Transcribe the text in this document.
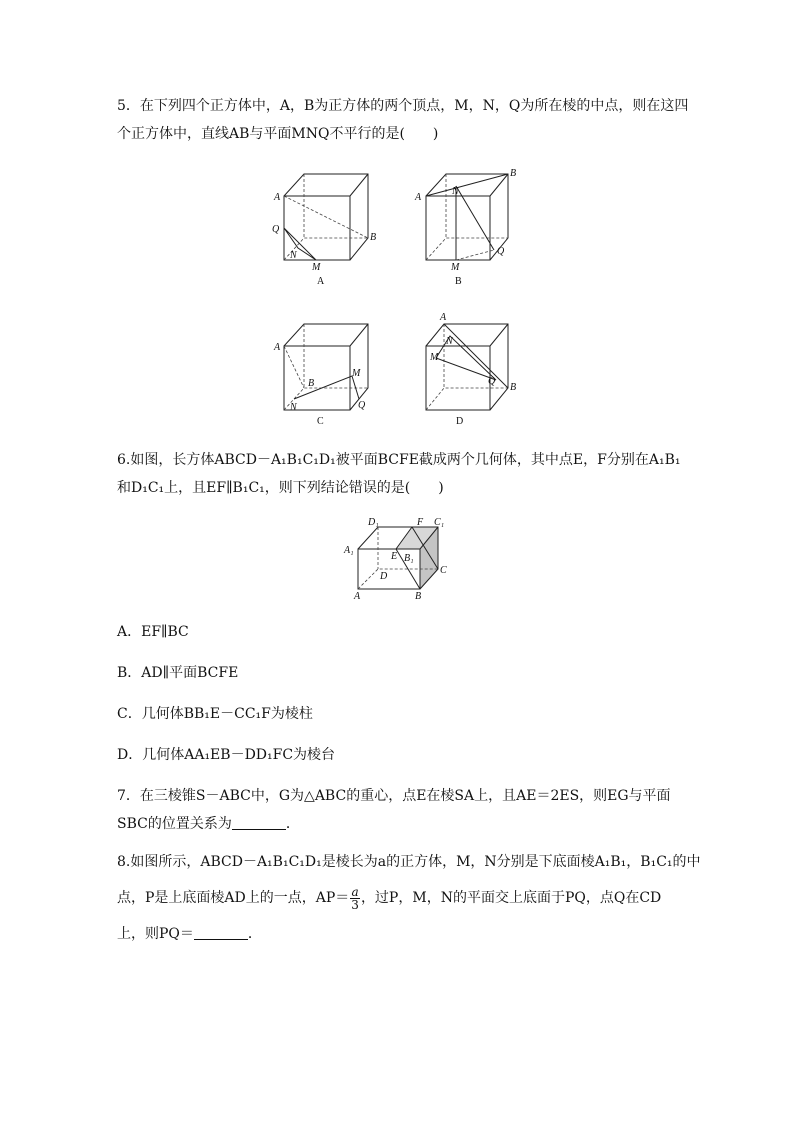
5．在下列四个正方体中，A，B为正方体的两个顶点，M，N，Q为所在棱的中点，则在这四
个正方体中，直线AB与平面MNQ不平行的是(　　)
A
Q
N
M
B
A
B
N
A
Q
M
B
A
B
M
N	Q
C
A
N
M
Q
B
D
6.如图，长方体ABCD－A₁B₁C₁D₁被平面BCFE截成两个几何体，其中点E，F分别在A₁B₁
和D₁C₁上，且EF∥B₁C₁，则下列结论错误的是(　　)
D₁	F C₁
A₁
E B₁
D
C
A	B
A．EF∥BC
B．AD∥平面BCFE
C．几何体BB₁E－CC₁F为棱柱
D．几何体AA₁EB－DD₁FC为棱台
7．在三棱锥S－ABC中，G为△ABC的重心，点E在棱SA上，且AE＝2ES，则EG与平面
SBC的位置关系为	．
8.如图所示，ABCD－A₁B₁C₁D₁是棱长为a的正方体，M，N分别是下底面棱A₁B₁，B₁C₁的中
点，P是上底面棱AD上的一点，$AP= \frac{a}{3}$ ，过P，M，N的平面交上底面于PQ，点Q在CD
上，则PQ＝	．
